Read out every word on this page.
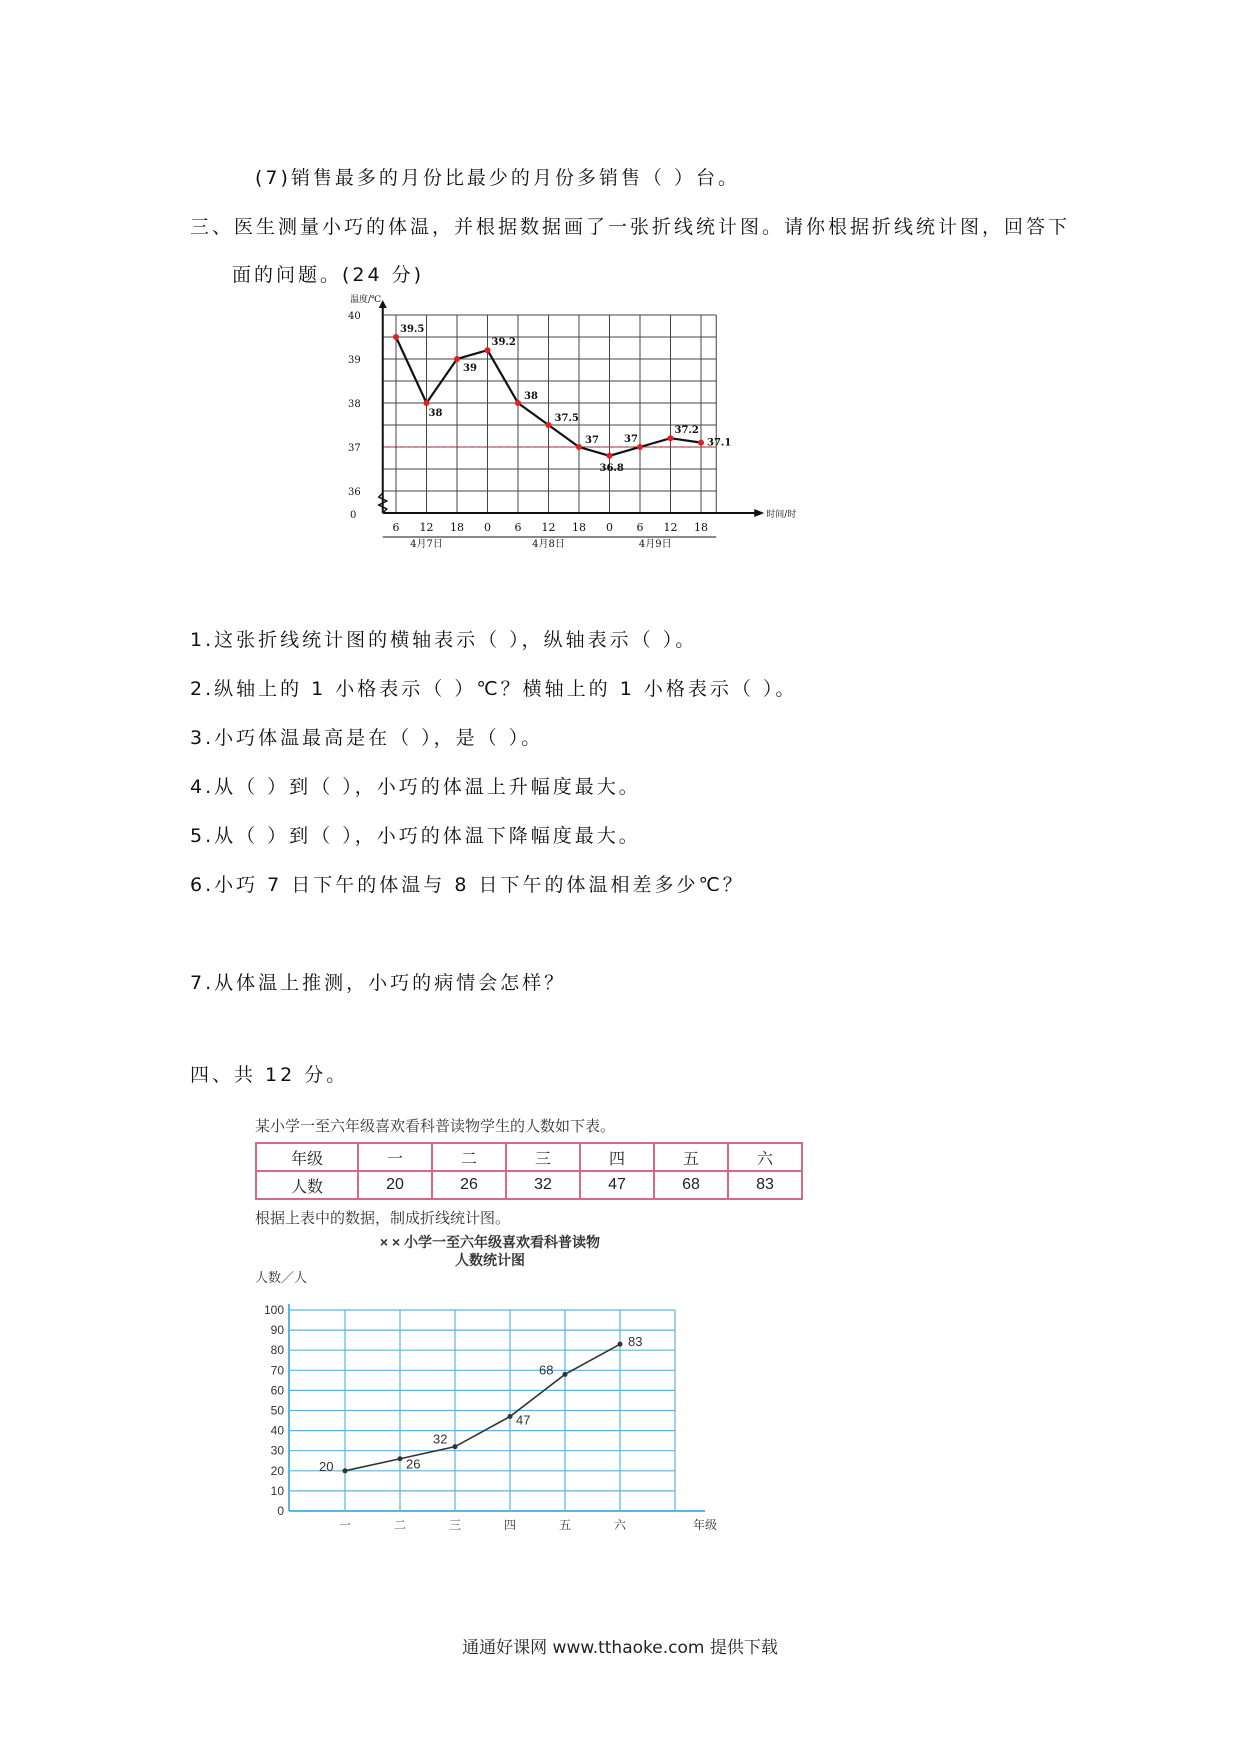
(7)销售最多的月份比最少的月份多销售（ ）台。
三、医生测量小巧的体温，并根据数据画了一张折线统计图。请你根据折线统计图，回答下
面的问题。(24 分)
0
36
37
38
39
40
温度/℃
时间/时
6 12 18 0 6 12 18 0 6 12 18
4月7日	4月8日	4月9日
39.5
38
39
39.2
38
37.5
37
36.8
37
37.2
37.1
1.这张折线统计图的横轴表示（ ），纵轴表示（ ）。
2.纵轴上的 1 小格表示（ ）℃？横轴上的 1 小格表示（ ）。
3.小巧体温最高是在（ ），是（ ）。
4.从（ ）到（ ），小巧的体温上升幅度最大。
5.从（ ）到（ ），小巧的体温下降幅度最大。
6.小巧 7 日下午的体温与 8 日下午的体温相差多少℃？
7.从体温上推测，小巧的病情会怎样？
四、共 12 分。
某小学一至六年级喜欢看科普读物学生的人数如下表。
年级	一	二	三	四	五	六
人数	20	26	32	47	68	83
根据上表中的数据，制成折线统计图。
× × 小学一至六年级喜欢看科普读物
人数统计图
人数／人
0
10
20
30
40
50
60
70
80
90
100
一	二	三	四	五	六	年级
20	26
32
47
68
83
通通好课网 www.tthaoke.com 提供下载
